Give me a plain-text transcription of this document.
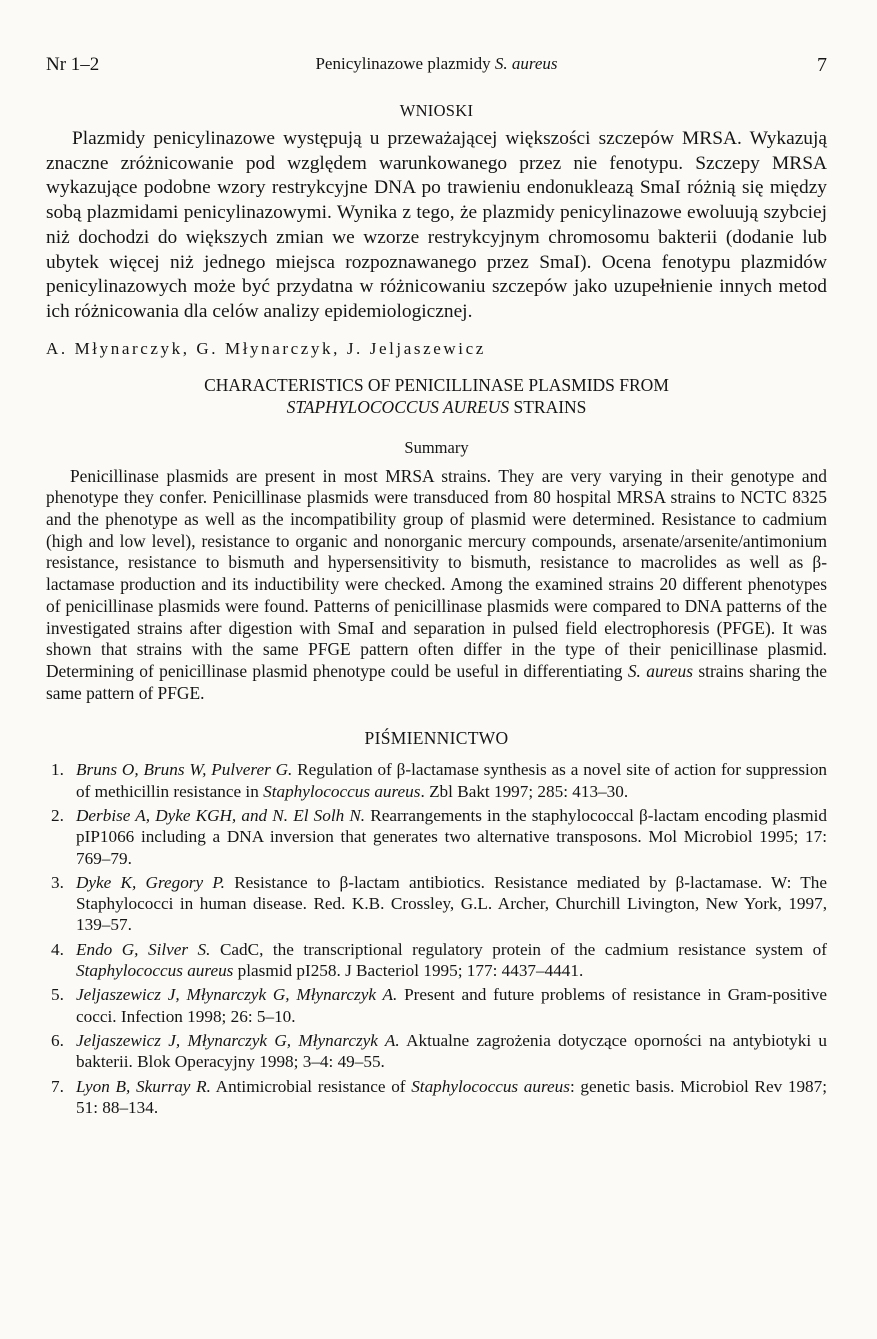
Nr 1–2	Penicylinazowe plazmidy S. aureus	7
WNIOSKI

Plazmidy penicylinazowe występują u przeważającej większości szczepów MRSA. Wykazują znaczne zróżnicowanie pod względem warunkowanego przez nie fenotypu. Szczepy MRSA wykazujące podobne wzory restrykcyjne DNA po trawieniu endonukleazą SmaI różnią się między sobą plazmidami penicylinazowymi. Wynika z tego, że plazmidy penicylinazowe ewoluują szybciej niż dochodzi do większych zmian we wzorze restrykcyjnym chromosomu bakterii (dodanie lub ubytek więcej niż jednego miejsca rozpoznawanego przez SmaI). Ocena fenotypu plazmidów penicylinazowych może być przydatna w różnicowaniu szczepów jako uzupełnienie innych metod ich różnicowania dla celów analizy epidemiologicznej.

A. Młynarczyk, G. Młynarczyk, J. Jeljaszewicz
CHARACTERISTICS OF PENICILLINASE PLASMIDS FROM
STAPHYLOCOCCUS AUREUS STRAINS
Summary

Penicillinase plasmids are present in most MRSA strains. They are very varying in their genotype and phenotype they confer. Penicillinase plasmids were transduced from 80 hospital MRSA strains to NCTC 8325 and the phenotype as well as the incompatibility group of plasmid were determined. Resistance to cadmium (high and low level), resistance to organic and nonorganic mercury compounds, arsenate/arsenite/antimonium resistance, resistance to bismuth and hypersensitivity to bismuth, resistance to macrolides as well as β-lactamase production and its inductibility were checked. Among the examined strains 20 different phenotypes of penicillinase plasmids were found. Patterns of penicillinase plasmids were compared to DNA patterns of the investigated strains after digestion with SmaI and separation in pulsed field electrophoresis (PFGE). It was shown that strains with the same PFGE pattern often differ in the type of their penicillinase plasmid. Determining of penicillinase plasmid phenotype could be useful in differentiating S. aureus strains sharing the same pattern of PFGE.

PIŚMIENNICTWO
1. Bruns O, Bruns W, Pulverer G. Regulation of β-lactamase synthesis as a novel site of action for suppression of methicillin resistance in Staphylococcus aureus. Zbl Bakt 1997; 285: 413–30.
2. Derbise A, Dyke KGH, and N. El Solh N. Rearrangements in the staphylococcal β-lactam encoding plasmid pIP1066 including a DNA inversion that generates two alternative transposons. Mol Microbiol 1995; 17: 769–79.
3. Dyke K, Gregory P. Resistance to β-lactam antibiotics. Resistance mediated by β-lactamase. W: The Staphylococci in human disease. Red. K.B. Crossley, G.L. Archer, Churchill Livington, New York, 1997, 139–57.
4. Endo G, Silver S. CadC, the transcriptional regulatory protein of the cadmium resistance system of Staphylococcus aureus plasmid pI258. J Bacteriol 1995; 177: 4437–4441.
5. Jeljaszewicz J, Młynarczyk G, Młynarczyk A. Present and future problems of resistance in Gram-positive cocci. Infection 1998; 26: 5–10.
6. Jeljaszewicz J, Młynarczyk G, Młynarczyk A. Aktualne zagrożenia dotyczące oporności na antybiotyki u bakterii. Blok Operacyjny 1998; 3–4: 49–55.
7. Lyon B, Skurray R. Antimicrobial resistance of Staphylococcus aureus: genetic basis. Microbiol Rev 1987; 51: 88–134.
